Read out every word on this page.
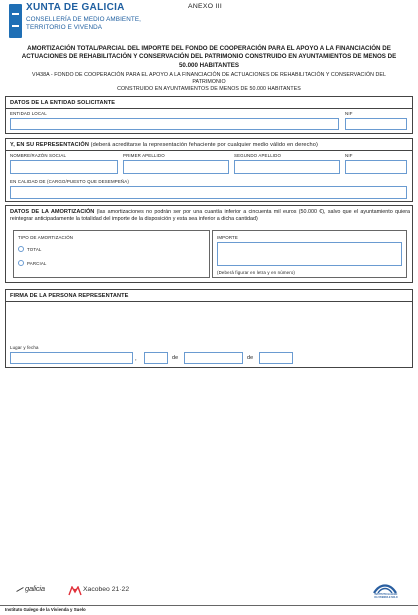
XUNTA DE GALICIA
CONSELLERÍA DE MEDIO AMBIENTE,
TERRITORIO E VIVENDA
ANEXO III
AMORTIZACIÓN TOTAL/PARCIAL DEL IMPORTE DEL FONDO DE COOPERACIÓN PARA EL APOYO A LA FINANCIACIÓN DE
ACTUACIONES DE REHABILITACIÓN Y CONSERVACIÓN DEL PATRIMONIO CONSTRUIDO EN AYUNTAMIENTOS DE MENOS DE
50.000 HABITANTES
VI438A - FONDO DE COOPERACIÓN PARA EL APOYO A LA FINANCIACIÓN DE ACTUACIONES DE REHABILITACIÓN Y CONSERVACIÓN DEL PATRIMONIO
CONSTRUIDO EN AYUNTAMIENTOS DE MENOS DE 50.000 HABITANTES
DATOS DE LA ENTIDAD SOLICITANTE
ENTIDAD LOCAL	NIF
Y, EN SU REPRESENTACIÓN (deberá acreditarse la representación fehaciente por cualquier medio válido en derecho)
NOMBRE/RAZÓN SOCIAL	PRIMER APELLIDO	SEGUNDO APELLIDO	NIF
EN CALIDAD DE (CARGO/PUESTO QUE DESEMPEÑA)
DATOS DE LA AMORTIZACIÓN (las amortizaciones no podrán ser por una cuantía inferior a cincuenta mil euros (50.000 €), salvo que el ayuntamiento quiera reintegrar anticipadamente la totalidad del importe de la disposición y esta sea inferior a dicha cantidad)
TIPO DE AMORTIZACIÓN
TOTAL
PARCIAL
IMPORTE
(Deberá figurar en letra y en número)
FIRMA DE LA PERSONA REPRESENTANTE
Lugar y fecha
,	de	de
galicia	Xacobeo 21·22
INSTITUTO GALEGO
DA VIVENDA E SOLO
Instituto Galego de la Vivienda y Suelo
